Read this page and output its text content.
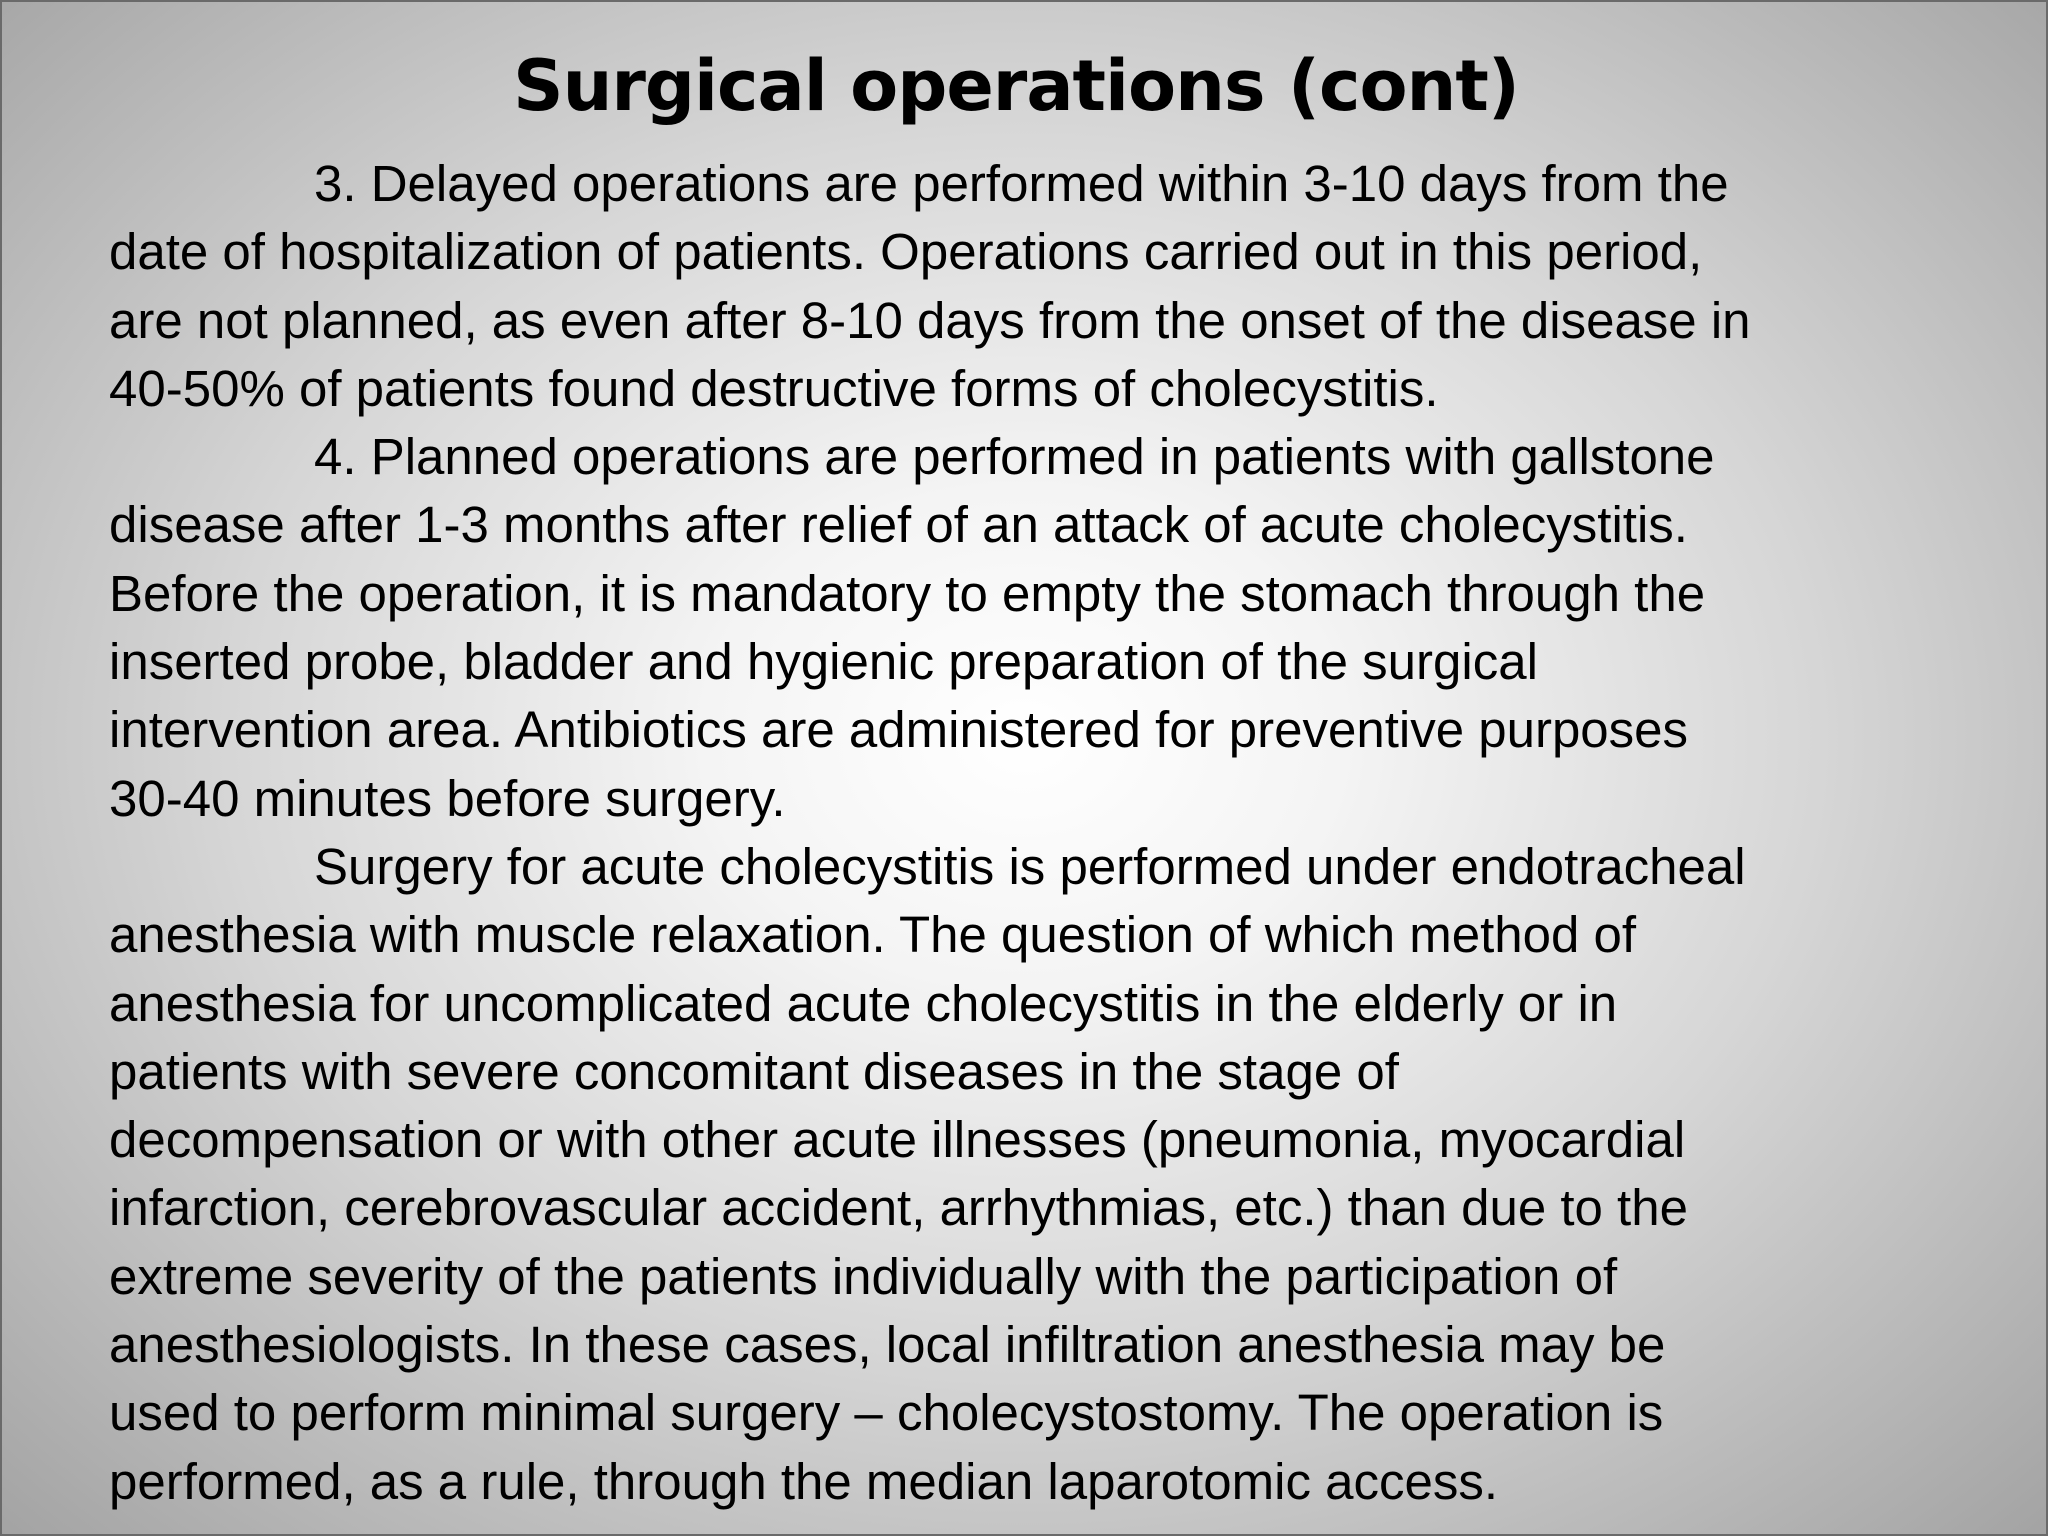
Surgical operations (cont)
3. Delayed operations are performed within 3-10 days from the
date of hospitalization of patients. Operations carried out in this period,
are not planned, as even after 8-10 days from the onset of the disease in
40-50% of patients found destructive forms of cholecystitis.
4. Planned operations are performed in patients with gallstone
disease after 1-3 months after relief of an attack of acute cholecystitis.
Before the operation, it is mandatory to empty the stomach through the
inserted probe, bladder and hygienic preparation of the surgical
intervention area. Antibiotics are administered for preventive purposes
30-40 minutes before surgery.
Surgery for acute cholecystitis is performed under endotracheal
anesthesia with muscle relaxation. The question of which method of
anesthesia for uncomplicated acute cholecystitis in the elderly or in
patients with severe concomitant diseases in the stage of
decompensation or with other acute illnesses (pneumonia, myocardial
infarction, cerebrovascular accident, arrhythmias, etc.) than due to the
extreme severity of the patients individually with the participation of
anesthesiologists. In these cases, local infiltration anesthesia may be
used to perform minimal surgery – cholecystostomy. The operation is
performed, as a rule, through the median laparotomic access.
